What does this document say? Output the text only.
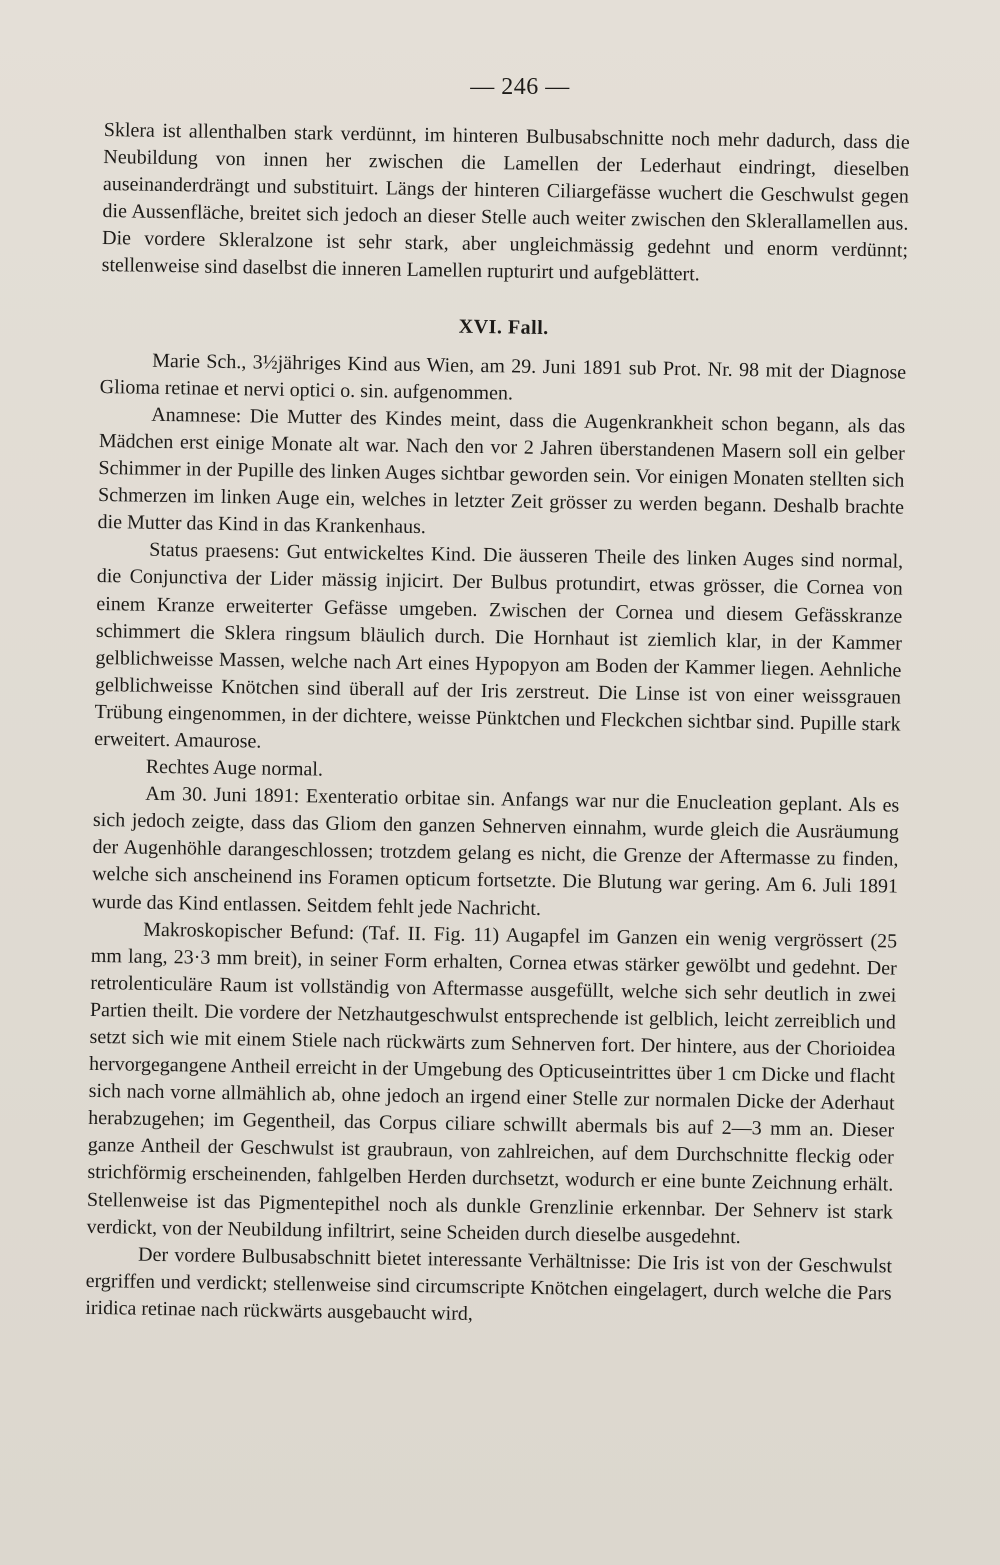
— 246 —

Sklera ist allenthalben stark verdünnt, im hinteren Bulbusabschnitte noch mehr dadurch, dass die Neubildung von innen her zwischen die Lamellen der Lederhaut eindringt, dieselben auseinanderdrängt und substituirt. Längs der hinteren Ciliargefässe wuchert die Geschwulst gegen die Aussenfläche, breitet sich jedoch an dieser Stelle auch weiter zwischen den Sklerallamellen aus. Die vordere Skleralzone ist sehr stark, aber ungleichmässig gedehnt und enorm verdünnt; stellenweise sind daselbst die inneren Lamellen rupturirt und aufgeblättert.

XVI. Fall.

Marie Sch., 3½jähriges Kind aus Wien, am 29. Juni 1891 sub Prot. Nr. 98 mit der Diagnose Glioma retinae et nervi optici o. sin. aufgenommen.

Anamnese: Die Mutter des Kindes meint, dass die Augenkrankheit schon begann, als das Mädchen erst einige Monate alt war. Nach den vor 2 Jahren überstandenen Masern soll ein gelber Schimmer in der Pupille des linken Auges sichtbar geworden sein. Vor einigen Monaten stellten sich Schmerzen im linken Auge ein, welches in letzter Zeit grösser zu werden begann. Deshalb brachte die Mutter das Kind in das Krankenhaus.

Status praesens: Gut entwickeltes Kind. Die äusseren Theile des linken Auges sind normal, die Conjunctiva der Lider mässig injicirt. Der Bulbus protundirt, etwas grösser, die Cornea von einem Kranze erweiterter Gefässe umgeben. Zwischen der Cornea und diesem Gefässkranze schimmert die Sklera ringsum bläulich durch. Die Hornhaut ist ziemlich klar, in der Kammer gelblichweisse Massen, welche nach Art eines Hypopyon am Boden der Kammer liegen. Aehnliche gelblichweisse Knötchen sind überall auf der Iris zerstreut. Die Linse ist von einer weissgrauen Trübung eingenommen, in der dichtere, weisse Pünktchen und Fleckchen sichtbar sind. Pupille stark erweitert. Amaurose.

Rechtes Auge normal.

Am 30. Juni 1891: Exenteratio orbitae sin. Anfangs war nur die Enucleation geplant. Als es sich jedoch zeigte, dass das Gliom den ganzen Sehnerven einnahm, wurde gleich die Ausräumung der Augenhöhle darangeschlossen; trotzdem gelang es nicht, die Grenze der Aftermasse zu finden, welche sich anscheinend ins Foramen opticum fortsetzte. Die Blutung war gering. Am 6. Juli 1891 wurde das Kind entlassen. Seitdem fehlt jede Nachricht.

Makroskopischer Befund: (Taf. II. Fig. 11) Augapfel im Ganzen ein wenig vergrössert (25 mm lang, 23·3 mm breit), in seiner Form erhalten, Cornea etwas stärker gewölbt und gedehnt. Der retrolenticuläre Raum ist vollständig von Aftermasse ausgefüllt, welche sich sehr deutlich in zwei Partien theilt. Die vordere der Netzhautgeschwulst entsprechende ist gelblich, leicht zerreiblich und setzt sich wie mit einem Stiele nach rückwärts zum Sehnerven fort. Der hintere, aus der Chorioidea hervorgegangene Antheil erreicht in der Umgebung des Opticuseintrittes über 1 cm Dicke und flacht sich nach vorne allmählich ab, ohne jedoch an irgend einer Stelle zur normalen Dicke der Aderhaut herabzugehen; im Gegentheil, das Corpus ciliare schwillt abermals bis auf 2—3 mm an. Dieser ganze Antheil der Geschwulst ist graubraun, von zahlreichen, auf dem Durchschnitte fleckig oder strichförmig erscheinenden, fahlgelben Herden durchsetzt, wodurch er eine bunte Zeichnung erhält. Stellenweise ist das Pigmentepithel noch als dunkle Grenzlinie erkennbar. Der Sehnerv ist stark verdickt, von der Neubildung infiltrirt, seine Scheiden durch dieselbe ausgedehnt.

Der vordere Bulbusabschnitt bietet interessante Verhältnisse: Die Iris ist von der Geschwulst ergriffen und verdickt; stellenweise sind circumscripte Knötchen eingelagert, durch welche die Pars iridica retinae nach rückwärts ausgebaucht wird,
